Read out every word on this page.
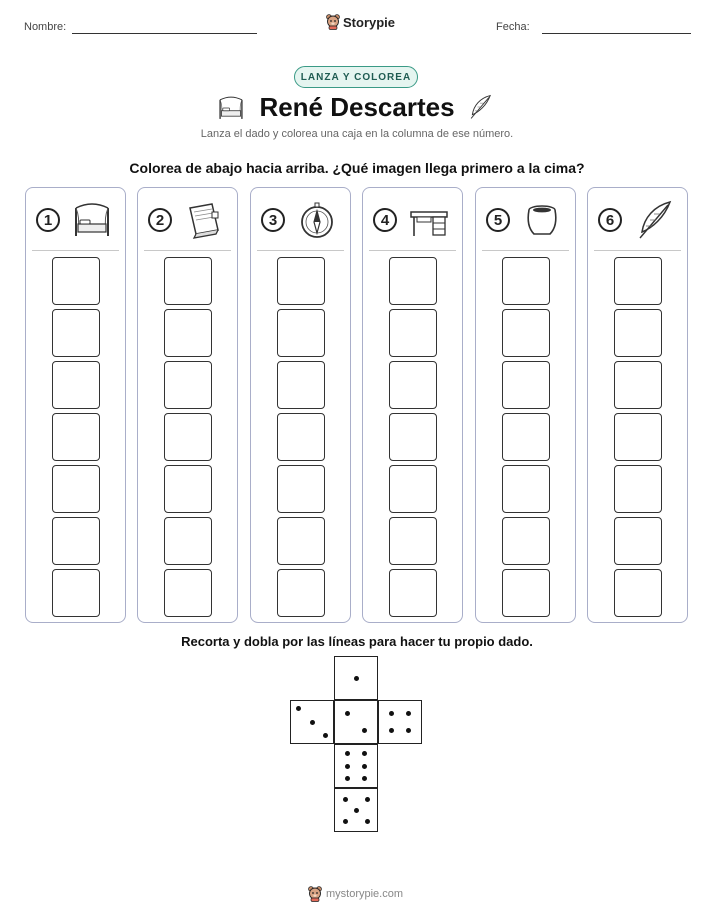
Nombre:	Storypie	Fecha:
LANZA Y COLOREA
René Descartes
Lanza el dado y colorea una caja en la columna de ese número.
Colorea de abajo hacia arriba. ¿Qué imagen llega primero a la cima?
1	2	3	4	5	6
Recorta y dobla por las líneas para hacer tu propio dado.
mystorypie.com
